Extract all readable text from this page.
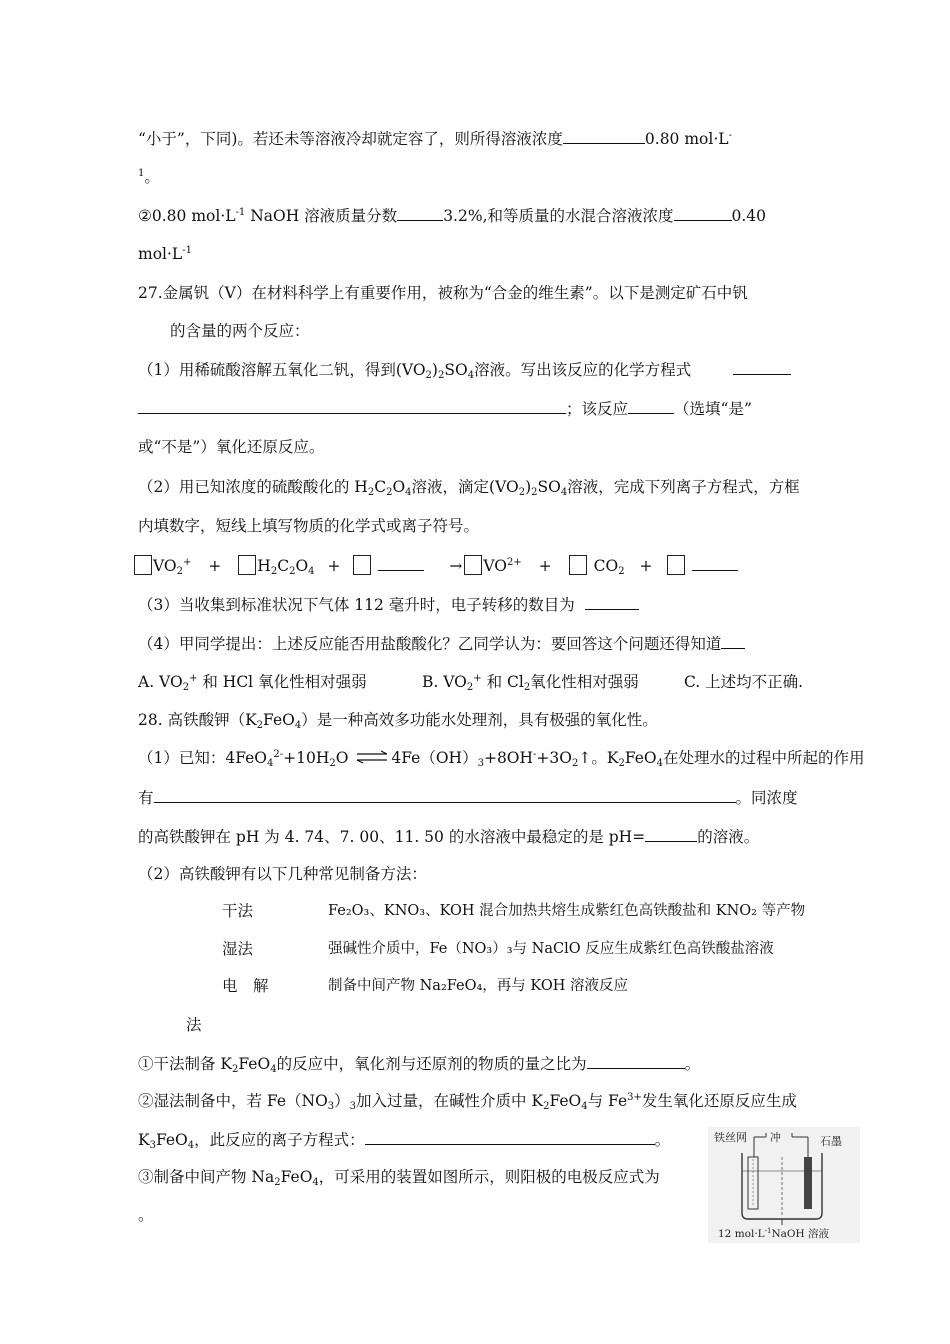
“小于”，下同)。若还未等溶液冷却就定容了，则所得溶液浓度	0.80 mol·L-
$^1$。
②0.80 $mol\cdot L^{-1}$ NaOH 溶液质量分数	3.2%,和等质量的水混合溶液浓度	0.40
$mol\cdot L^{-1}$
27.金属钒（V）在材料科学上有重要作用，被称为“合金的维生素”。以下是测定矿石中钒
的含量的两个反应：
（1）用稀硫酸溶解五氧化二钒，得到$(VO_2)_2SO_4$溶液。写出该反应的化学方程式
；该反应	（选填“是”
或“不是”）氧化还原反应。
（2）用已知浓度的硫酸酸化的 $H_2C_2O_4$溶液，滴定$(VO_2)_2SO_4$溶液，完成下列离子方程式，方框
内填数字，短线上填写物质的化学式或离子符号。
$VO_2^+ + H_2C_2O_4$ +	→ $VO^{2+}$ +	$CO_2$ +
（3）当收集到标准状况下气体 112 毫升时，电子转移的数目为
（4）甲同学提出：上述反应能否用盐酸酸化？乙同学认为：要回答这个问题还得知道
A. $VO_2^+$ 和 HCl 氧化性相对强弱	B. $VO_2^+$ 和 $Cl_2$氧化性相对强弱	C. 上述均不正确.
28. 高铁酸钾$(K_2FeO_4)$是一种高效多功能水处理剂，具有极强的氧化性。
（1）已知：$4FeO_4^{2-}+10H_2O$ ⇌ $4Fe(OH)_3+8OH^-+3O_2↑$。$K_2FeO_4$在处理水的过程中所起的作用
有	。同浓度
的高铁酸钾在 pH 为 4. 74、7. 00、11. 50 的水溶液中最稳定的是 pH=	的溶液。
（2）高铁酸钾有以下几种常见制备方法：
干法	Fe₂O₃、KNO₃、KOH 混合加热共熔生成紫红色高铁酸盐和 KNO₂ 等产物
湿法	强碱性介质中，Fe（NO₃）₃与 NaClO 反应生成紫红色高铁酸盐溶液
电　解	制备中间产物 Na₂FeO₄，再与 KOH 溶液反应
法
①干法制备 $K_2FeO_4$的反应中，氧化剂与还原剂的物质的量之比为	。
②湿法制备中，若 $Fe(NO_3)_3$加入过量，在碱性介质中 $K_2FeO_4$与 $Fe^{3+}$发生氧化还原反应生成
$K_3FeO_4$，此反应的离子方程式：	。
③制备中间产物 $Na_2FeO_4$，可采用的装置如图所示，则阳极的电极反应式为
。
铁丝网 冲	石墨
12 $mol\cdot L^{-1}NaOH$ 溶液
